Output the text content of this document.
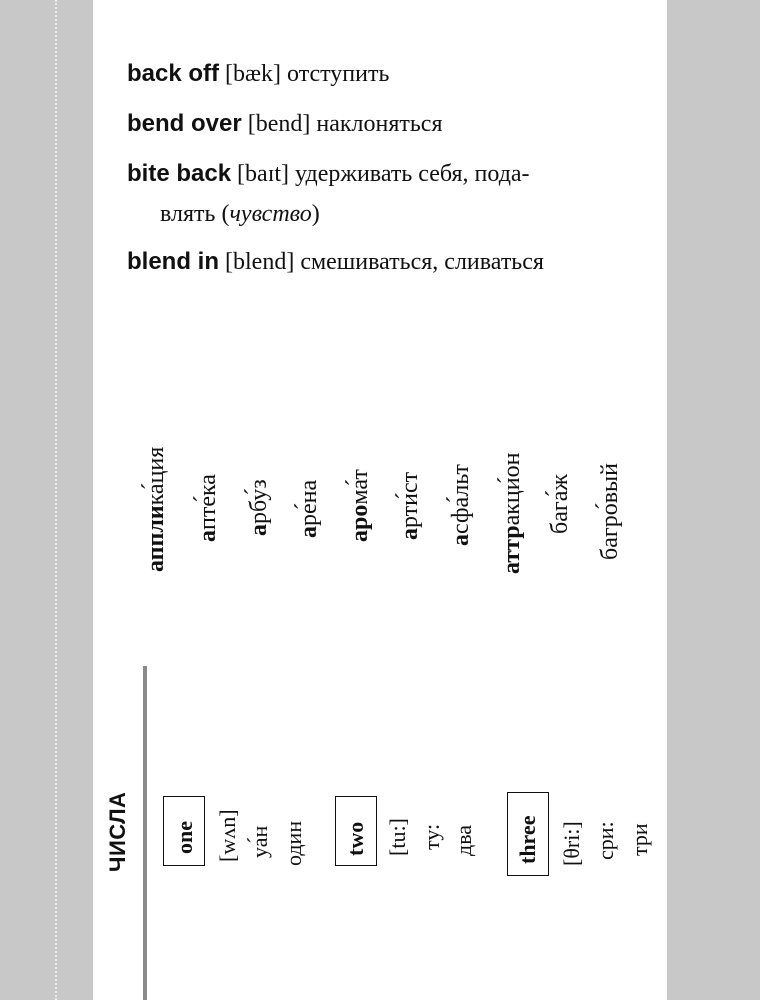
back off [bæk] отступить
bend over [bend] наклоняться
bite back [baɪt] удерживать себя, пода-
влять (чувство)
blend in [blend] смешиваться, сливаться
апплика́ция
апте́ка арбу́з
аре́на арома́т
арти́ст
асфа́льт
аттракци́он бага́ж багро́вый
ЧИСЛА one [wʌn] уа́н один two [tu:] ту: два three [θri:] сри: три
